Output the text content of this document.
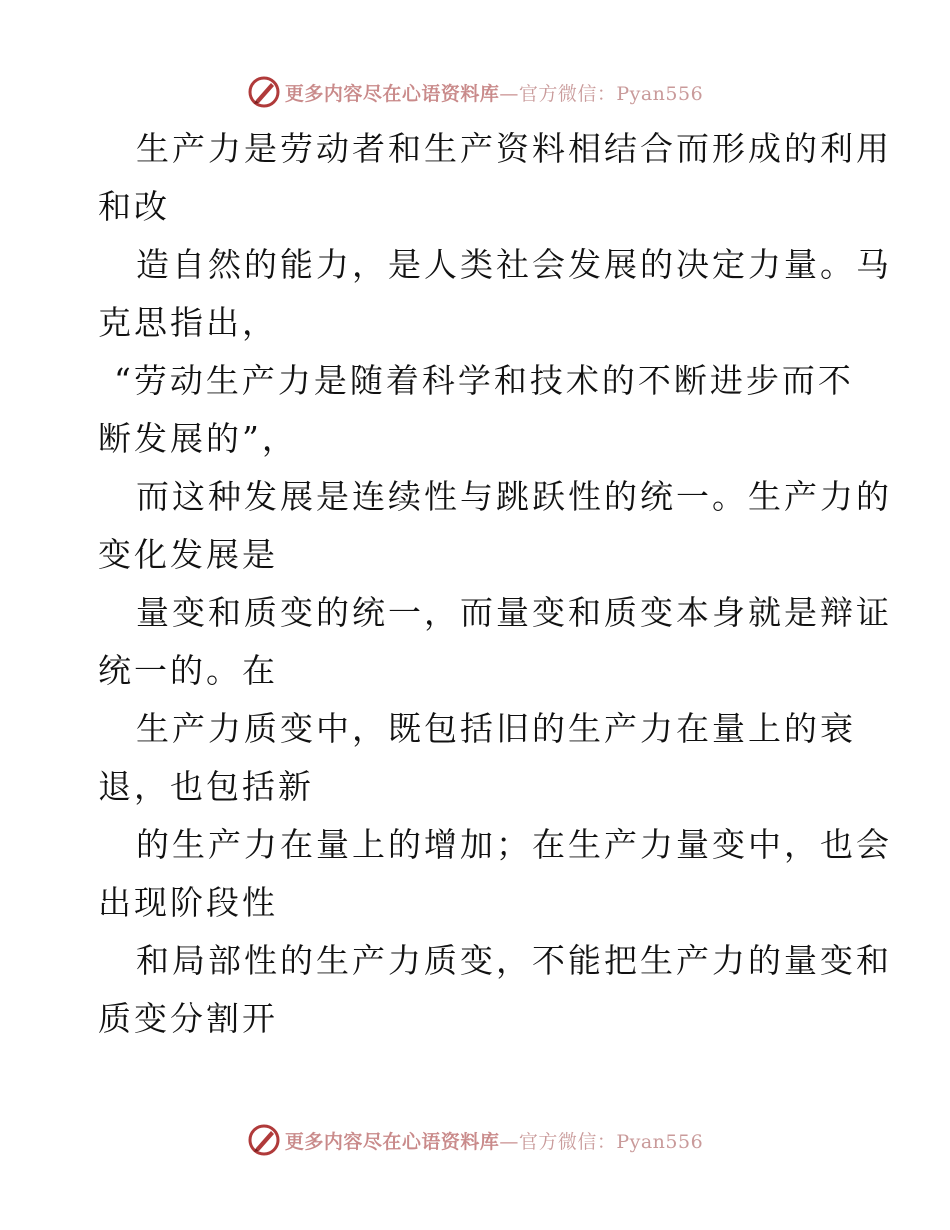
更多内容尽在心语资料库—官方微信：Pyan556

生产力是劳动者和生产资料相结合而形成的利用
和改

造自然的能力，是人类社会发展的决定力量。马
克思指出，

“劳动生产力是随着科学和技术的不断进步而不
断发展的”，

而这种发展是连续性与跳跃性的统一。生产力的
变化发展是

量变和质变的统一，而量变和质变本身就是辩证
统一的。在

生产力质变中，既包括旧的生产力在量上的衰
退，也包括新

的生产力在量上的增加；在生产力量变中，也会
出现阶段性

和局部性的生产力质变，不能把生产力的量变和
质变分割开

更多内容尽在心语资料库—官方微信：Pyan556
